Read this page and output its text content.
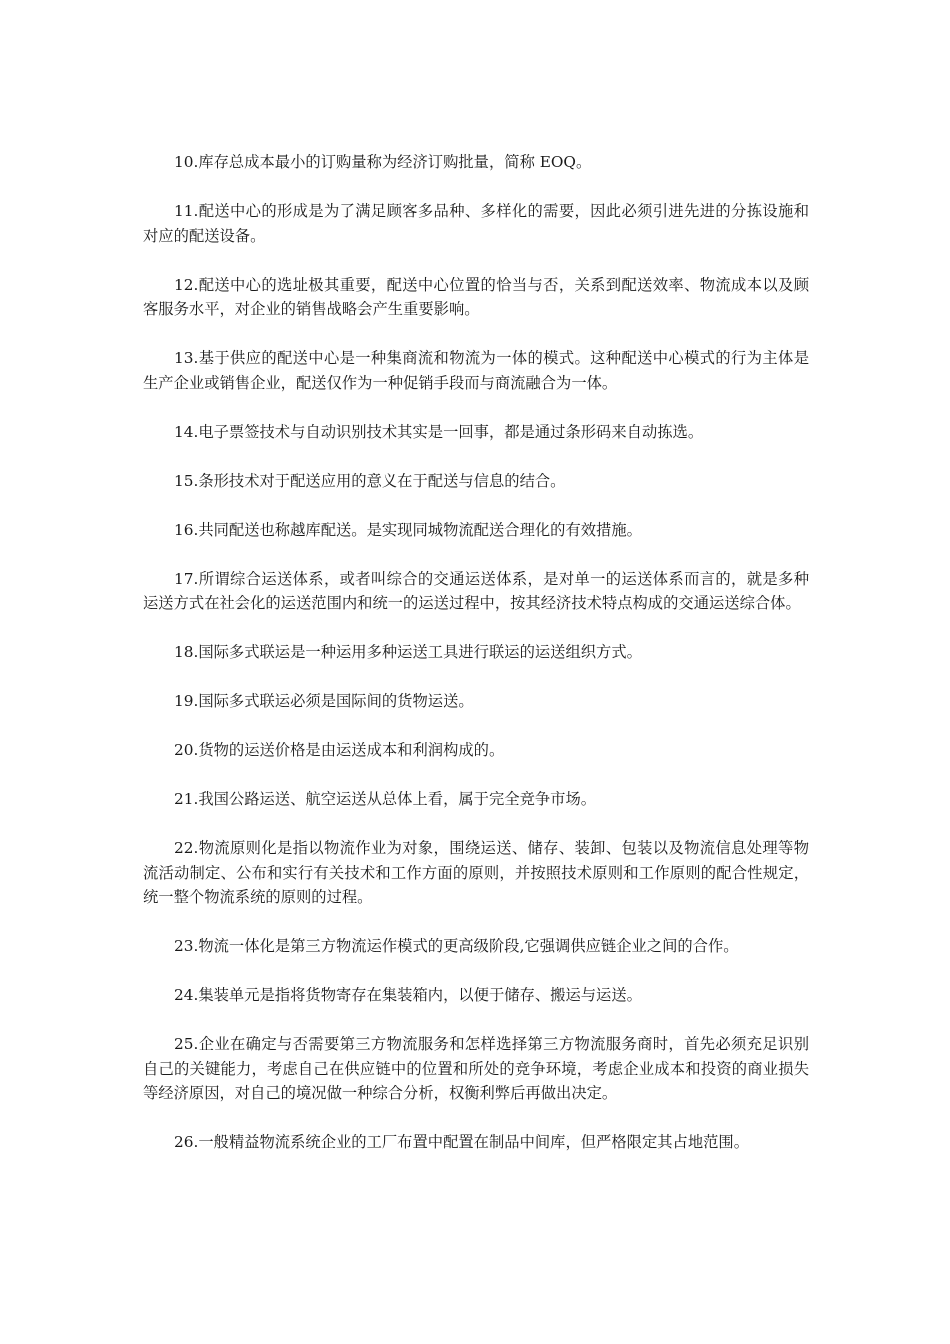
10.库存总成本最小的订购量称为经济订购批量，简称 EOQ。

11.配送中心的形成是为了满足顾客多品种、多样化的需要，因此必须引进先进的分拣设施和对应的配送设备。

12.配送中心的选址极其重要，配送中心位置的恰当与否，关系到配送效率、物流成本以及顾客服务水平，对企业的销售战略会产生重要影响。

13.基于供应的配送中心是一种集商流和物流为一体的模式。这种配送中心模式的行为主体是生产企业或销售企业，配送仅作为一种促销手段而与商流融合为一体。

14.电子票签技术与自动识别技术其实是一回事，都是通过条形码来自动拣选。

15.条形技术对于配送应用的意义在于配送与信息的结合。

16.共同配送也称越库配送。是实现同城物流配送合理化的有效措施。

17.所谓综合运送体系，或者叫综合的交通运送体系，是对单一的运送体系而言的，就是多种运送方式在社会化的运送范围内和统一的运送过程中，按其经济技术特点构成的交通运送综合体。

18.国际多式联运是一种运用多种运送工具进行联运的运送组织方式。

19.国际多式联运必须是国际间的货物运送。

20.货物的运送价格是由运送成本和利润构成的。

21.我国公路运送、航空运送从总体上看，属于完全竞争市场。

22.物流原则化是指以物流作业为对象，围绕运送、储存、装卸、包装以及物流信息处理等物流活动制定、公布和实行有关技术和工作方面的原则，并按照技术原则和工作原则的配合性规定，统一整个物流系统的原则的过程。

23.物流一体化是第三方物流运作模式的更高级阶段,它强调供应链企业之间的合作。

24.集装单元是指将货物寄存在集装箱内，以便于储存、搬运与运送。

25.企业在确定与否需要第三方物流服务和怎样选择第三方物流服务商时，首先必须充足识别自己的关键能力，考虑自己在供应链中的位置和所处的竞争环境，考虑企业成本和投资的商业损失等经济原因，对自己的境况做一种综合分析，权衡利弊后再做出决定。

26.一般精益物流系统企业的工厂布置中配置在制品中间库，但严格限定其占地范围。
